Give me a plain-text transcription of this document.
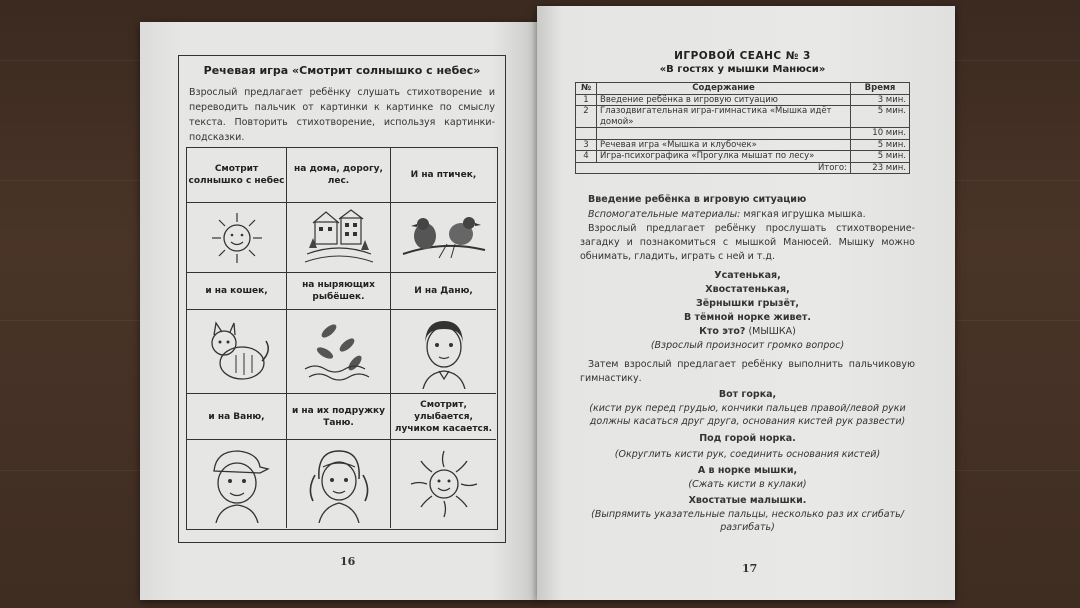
Речевая игра «Смотрит солнышко с небес»
Взрослый предлагает ребёнку слушать стихотворение и переводить пальчик от картинки к картинке по смыслу текста. Повторить стихотворение, используя картинки-подсказки.
Смотрит солнышко с небес
на дома, дорогу, лес.
И на птичек,
и на кошек,
на ныряющих рыбёшек.
И на Даню,
и на Ваню,
и на их подружку Таню.
Смотрит, улыбается, лучиком касается.
16
ИГРОВОЙ СЕАНС № 3
«В гостях у мышки Манюси»
№	Содержание	Время
1	Введение ребёнка в игровую ситуацию	3 мин.
2	Глазодвигательная игра-гимнастика «Мышка идёт домой»	5 мин.
		10 мин.
3	Речевая игра «Мышка и клубочек»	5 мин.
4	Игра-психографика «Прогулка мышат по лесу»	5 мин.
Итого:		23 мин.
Введение ребёнка в игровую ситуацию
Вспомогательные материалы: мягкая игрушка мышка.
Взрослый предлагает ребёнку прослушать стихотворение-загадку и познакомиться с мышкой Манюсей. Мышку можно обнимать, гладить, играть с ней и т.д.
Усатенькая,
Хвостатенькая,
Зёрнышки грызёт,
В тёмной норке живет.
Кто это? (МЫШКА)
(Взрослый произносит громко вопрос)
Затем взрослый предлагает ребёнку выполнить пальчиковую гимнастику.
Вот горка,
(кисти рук перед грудью, кончики пальцев правой/левой руки должны касаться друг друга, основания кистей рук развести)
Под горой норка.
(Округлить кисти рук, соединить основания кистей)
А в норке мышки,
(Сжать кисти в кулаки)
Хвостатые малышки.
(Выпрямить указательные пальцы, несколько раз их сгибать/разгибать)
17
